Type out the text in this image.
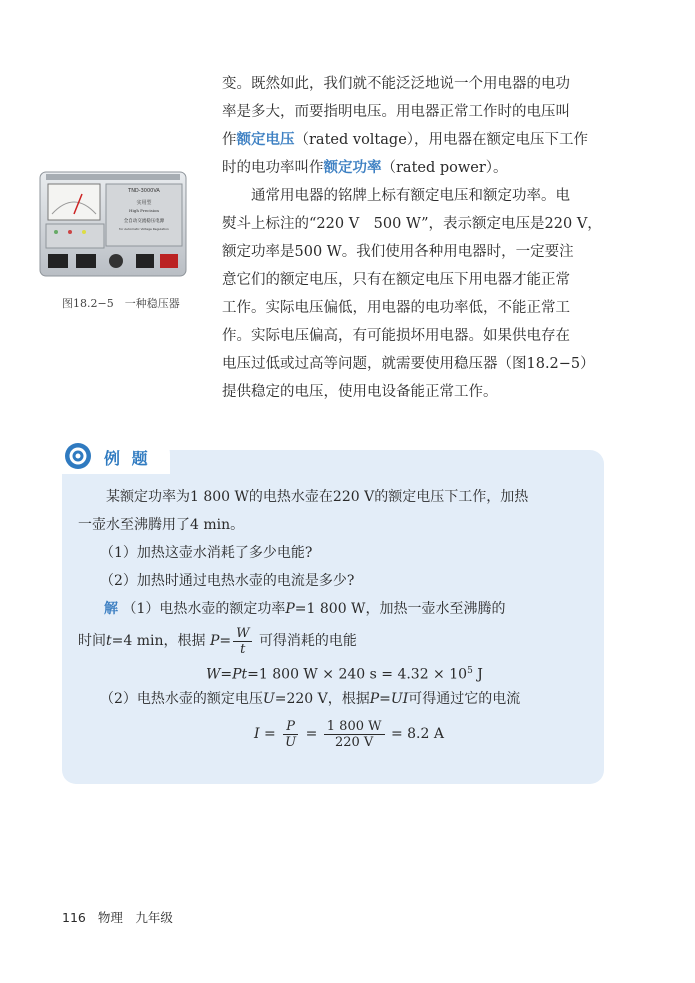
变。既然如此，我们就不能泛泛地说一个用电器的电功
率是多大，而要指明电压。用电器正常工作时的电压叫
作额定电压（rated voltage），用电器在额定电压下工作
时的电功率叫作额定功率（rated power）。
　　通常用电器的铭牌上标有额定电压和额定功率。电
熨斗上标注的“220 V　500 W”，表示额定电压是220 V，
额定功率是500 W。我们使用各种用电器时，一定要注
意它们的额定电压，只有在额定电压下用电器才能正常
工作。实际电压偏低，用电器的电功率低，不能正常工
作。实际电压偏高，有可能损坏用电器。如果供电存在
电压过低或过高等问题，就需要使用稳压器（图18.2−5）
提供稳定的电压，使用电设备能正常工作。
TND-3000VA
实用型
High Precision
全自动交流稳压电源
for Automatic Voltage Regulation
图18.2−5　一种稳压器
例 题
　　某额定功率为1 800 W的电热水壶在220 V的额定电压下工作，加热
一壶水至沸腾用了4 min。
（1）加热这壶水消耗了多少电能?
（2）加热时通过电热水壶的电流是多少?
解 （1）电热水壶的额定功率P=1 800 W，加热一壶水至沸腾的
时间t=4 min，根据 $P= \frac{W}{t}$ 可得消耗的电能
W=Pt=1 800 W × 240 $s = 4.32 \times 10^5$ J
（2）电热水壶的额定电压U=220 V，根据P=UI可得通过它的电流
$I = \frac{P}{U} = \frac{1 800 W}{220 V} = 8.2$ A
116 物理　九年级
